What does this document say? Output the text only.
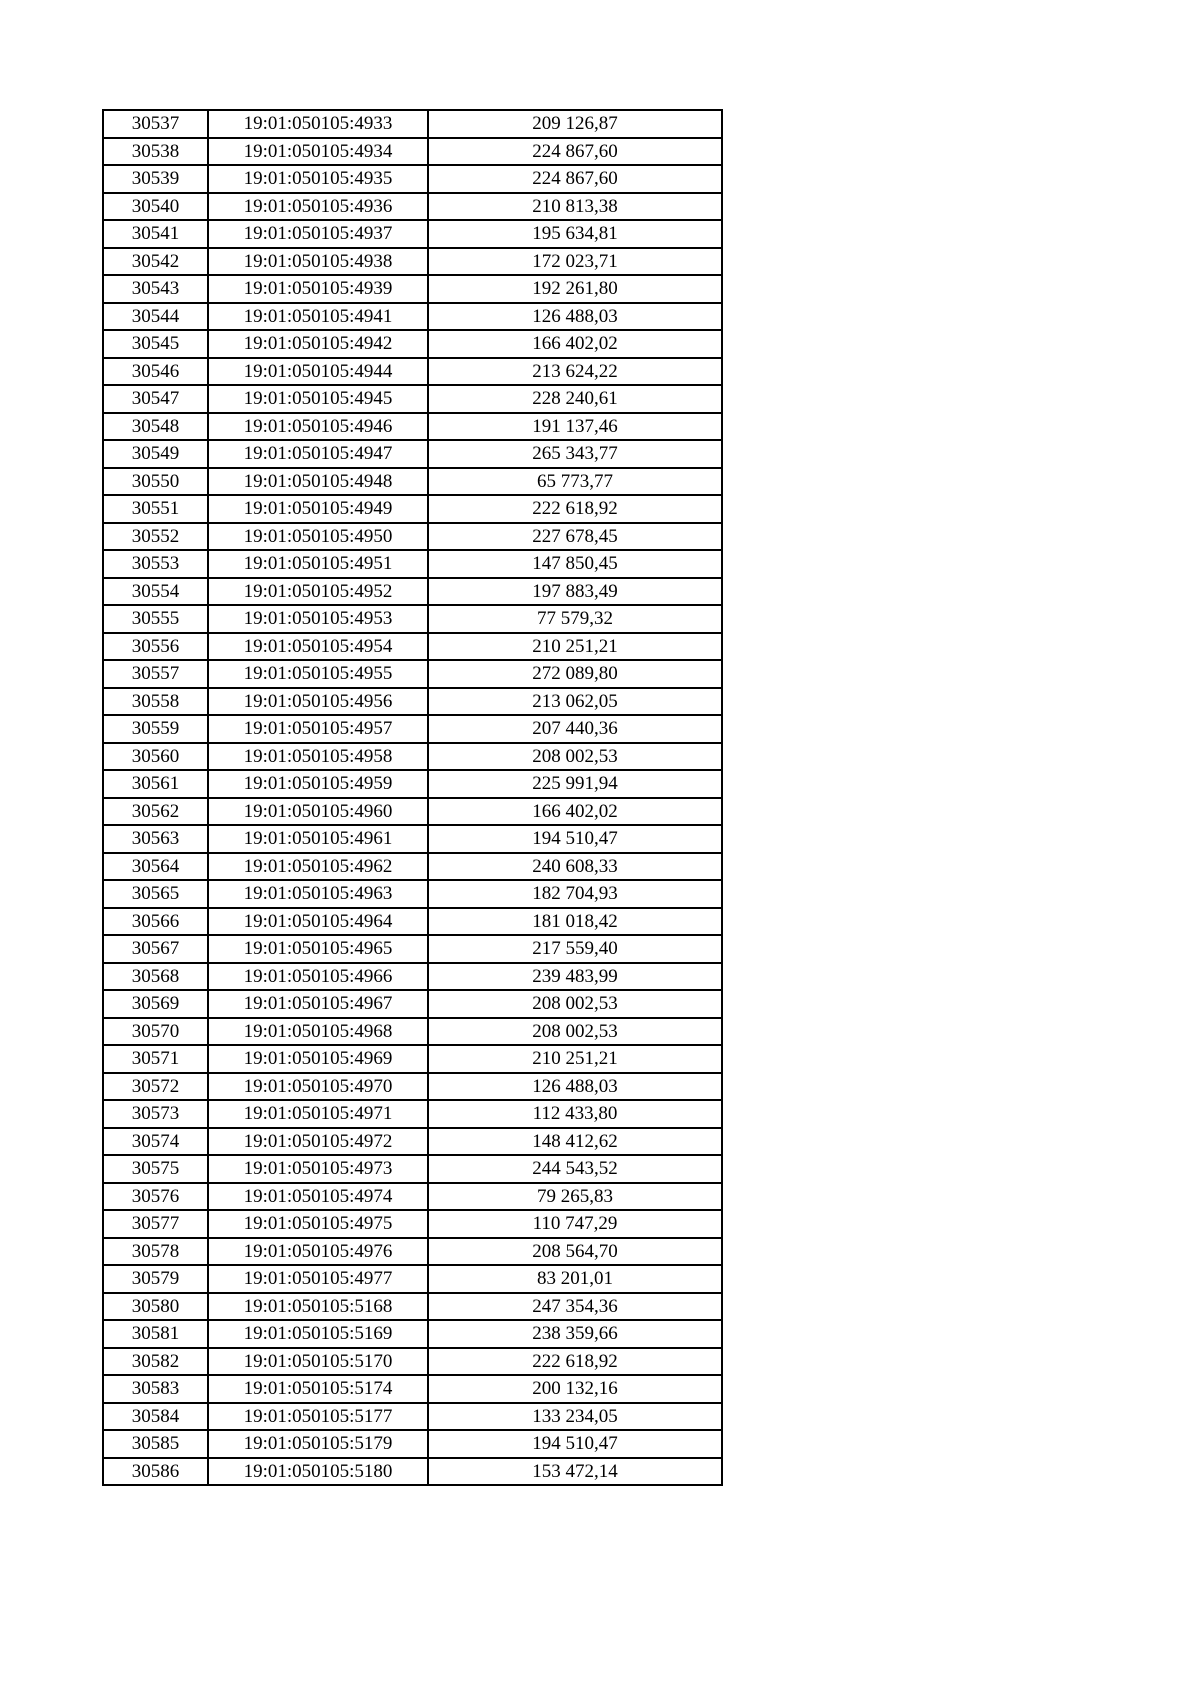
30537	19:01:050105:4933	209 126,87
30538	19:01:050105:4934	224 867,60
30539	19:01:050105:4935	224 867,60
30540	19:01:050105:4936	210 813,38
30541	19:01:050105:4937	195 634,81
30542	19:01:050105:4938	172 023,71
30543	19:01:050105:4939	192 261,80
30544	19:01:050105:4941	126 488,03
30545	19:01:050105:4942	166 402,02
30546	19:01:050105:4944	213 624,22
30547	19:01:050105:4945	228 240,61
30548	19:01:050105:4946	191 137,46
30549	19:01:050105:4947	265 343,77
30550	19:01:050105:4948	65 773,77
30551	19:01:050105:4949	222 618,92
30552	19:01:050105:4950	227 678,45
30553	19:01:050105:4951	147 850,45
30554	19:01:050105:4952	197 883,49
30555	19:01:050105:4953	77 579,32
30556	19:01:050105:4954	210 251,21
30557	19:01:050105:4955	272 089,80
30558	19:01:050105:4956	213 062,05
30559	19:01:050105:4957	207 440,36
30560	19:01:050105:4958	208 002,53
30561	19:01:050105:4959	225 991,94
30562	19:01:050105:4960	166 402,02
30563	19:01:050105:4961	194 510,47
30564	19:01:050105:4962	240 608,33
30565	19:01:050105:4963	182 704,93
30566	19:01:050105:4964	181 018,42
30567	19:01:050105:4965	217 559,40
30568	19:01:050105:4966	239 483,99
30569	19:01:050105:4967	208 002,53
30570	19:01:050105:4968	208 002,53
30571	19:01:050105:4969	210 251,21
30572	19:01:050105:4970	126 488,03
30573	19:01:050105:4971	112 433,80
30574	19:01:050105:4972	148 412,62
30575	19:01:050105:4973	244 543,52
30576	19:01:050105:4974	79 265,83
30577	19:01:050105:4975	110 747,29
30578	19:01:050105:4976	208 564,70
30579	19:01:050105:4977	83 201,01
30580	19:01:050105:5168	247 354,36
30581	19:01:050105:5169	238 359,66
30582	19:01:050105:5170	222 618,92
30583	19:01:050105:5174	200 132,16
30584	19:01:050105:5177	133 234,05
30585	19:01:050105:5179	194 510,47
30586	19:01:050105:5180	153 472,14
